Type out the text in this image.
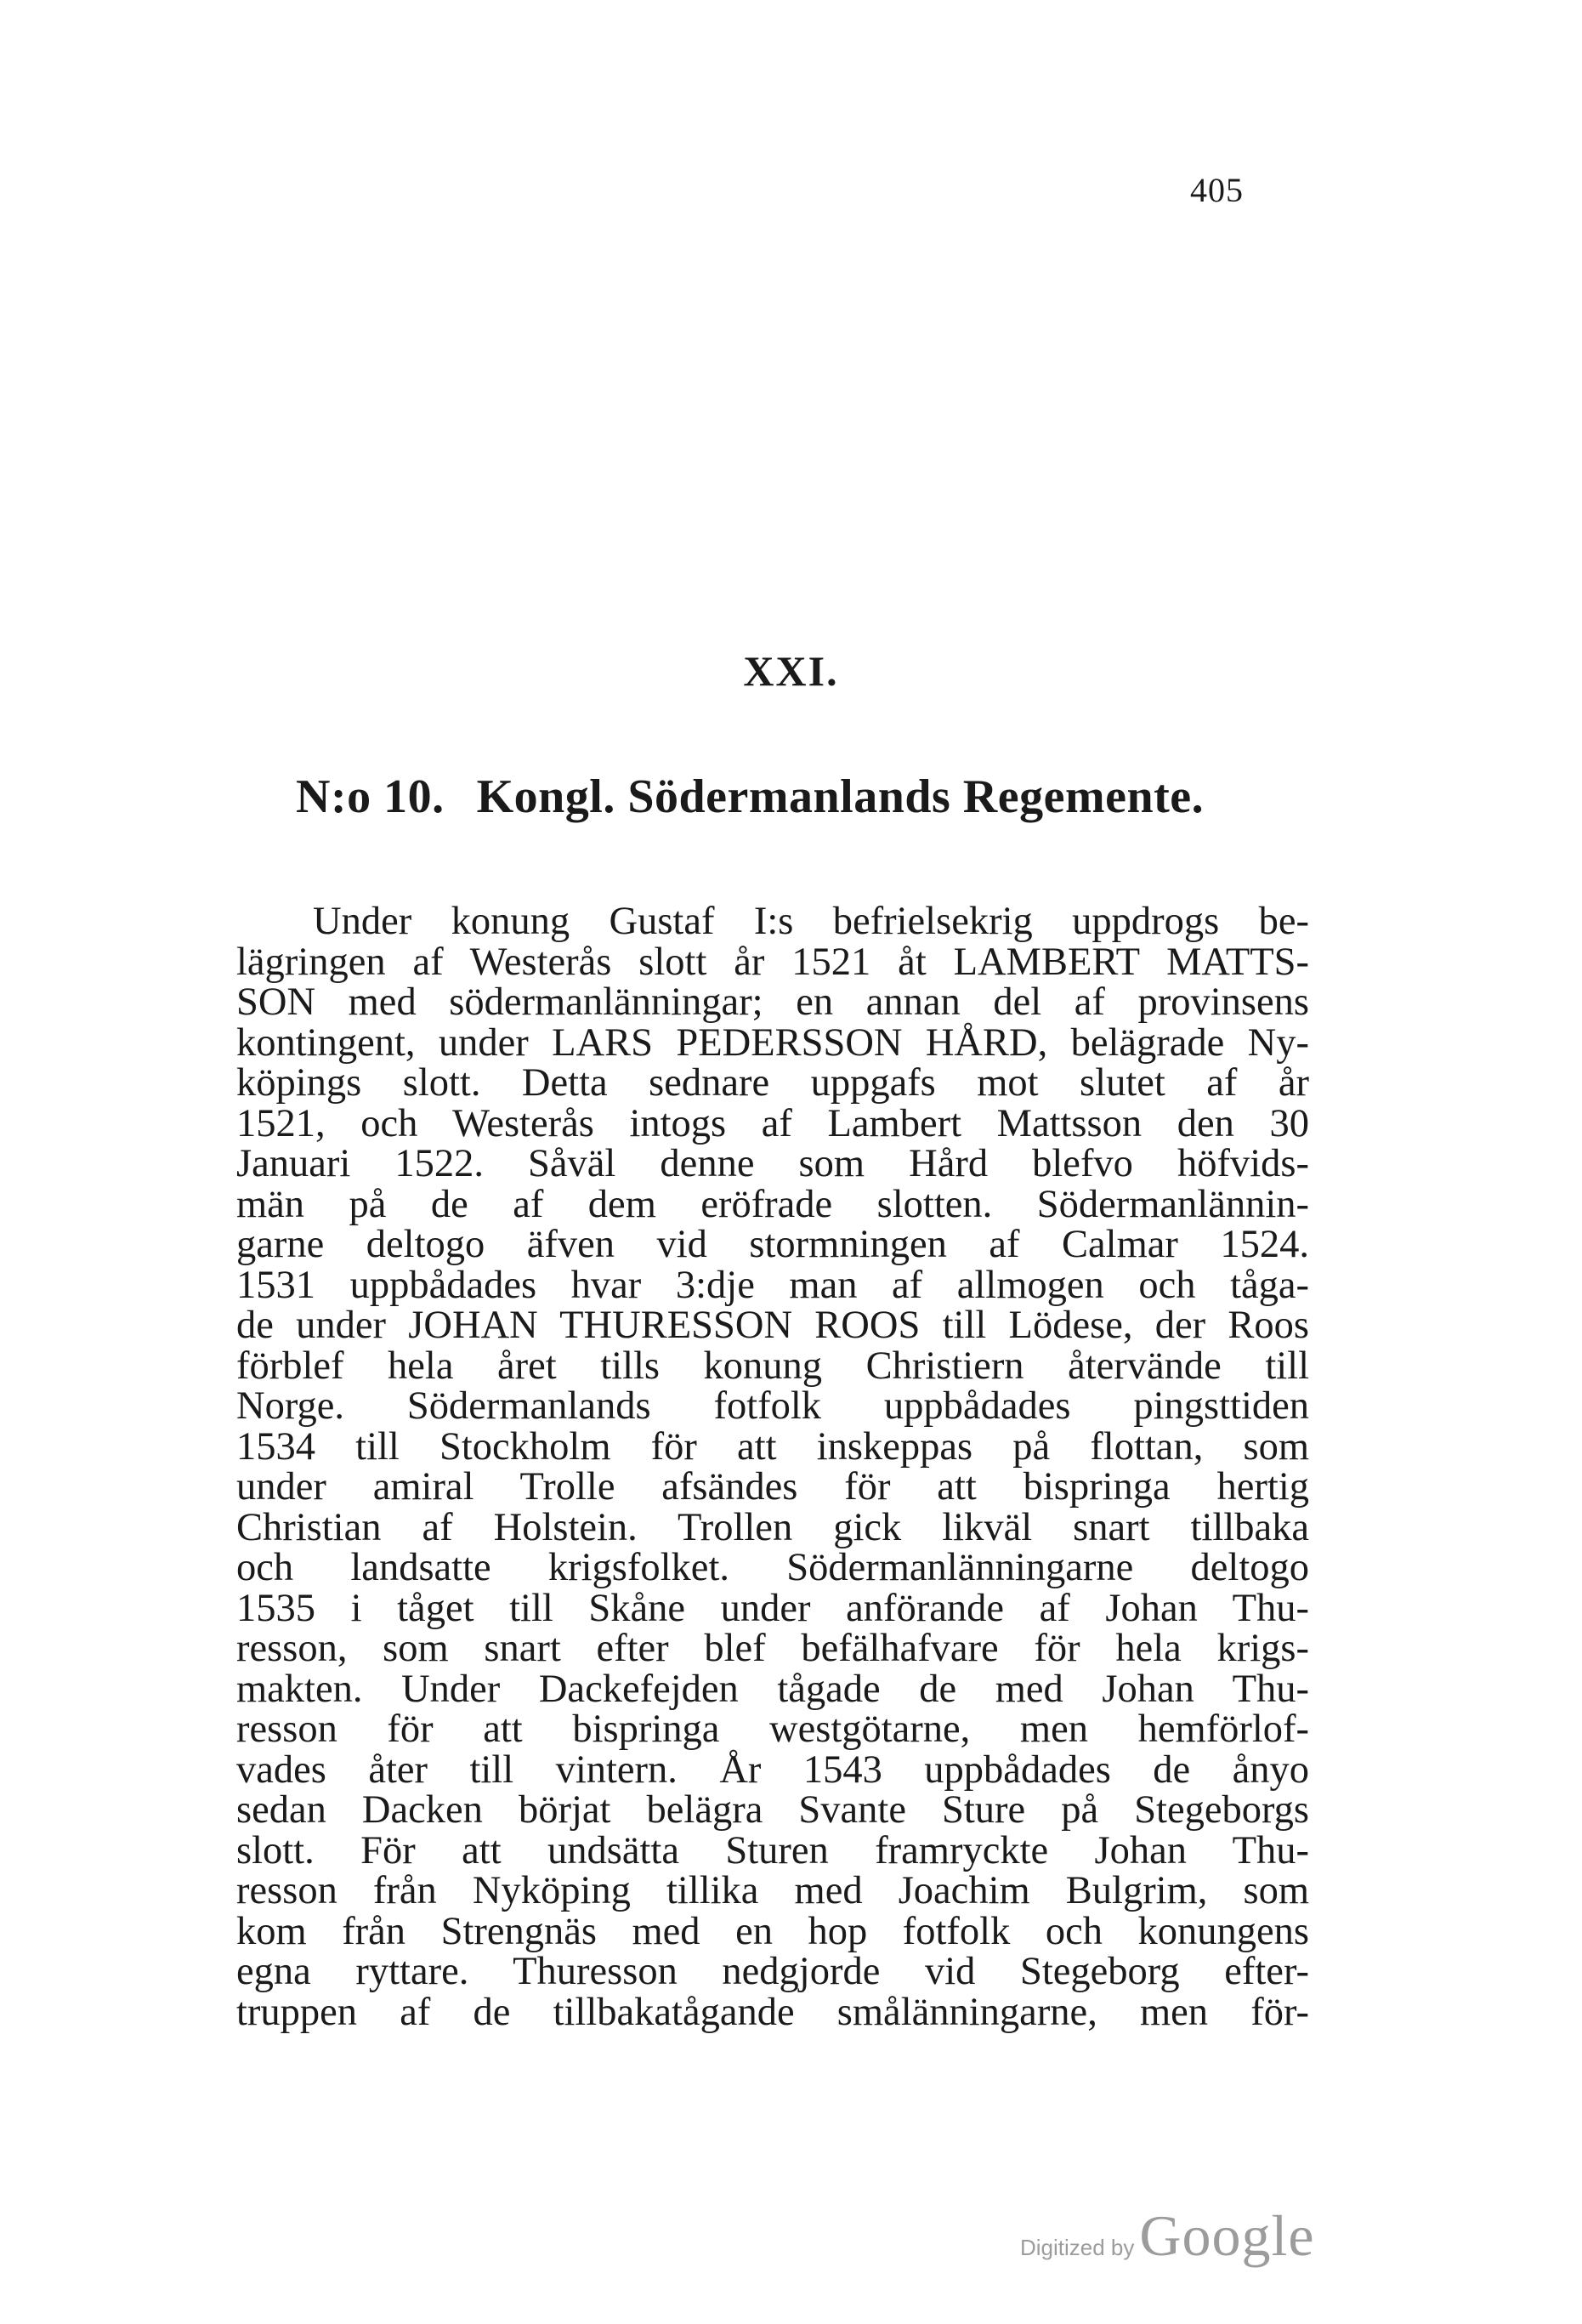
405
XXI.
N:o 10. Kongl. Södermanlands Regemente.
Under konung Gustaf I:s befrielsekrig uppdrogs be-
lägringen af Westerås slott år 1521 åt LAMBERT MATTS-
SON med södermanlänningar; en annan del af provinsens
kontingent, under LARS PEDERSSON HÅRD, belägrade Ny-
köpings slott. Detta sednare uppgafs mot slutet af år
1521, och Westerås intogs af Lambert Mattsson den 30
Januari 1522. Såväl denne som Hård blefvo höfvids-
män på de af dem eröfrade slotten. Södermanlännin-
garne deltogo äfven vid stormningen af Calmar 1524.
1531 uppbådades hvar 3:dje man af allmogen och tåga-
de under JOHAN THURESSON ROOS till Lödese, der Roos
förblef hela året tills konung Christiern återvände till
Norge. Södermanlands fotfolk uppbådades pingsttiden
1534 till Stockholm för att inskeppas på flottan, som
under amiral Trolle afsändes för att bispringa hertig
Christian af Holstein. Trollen gick likväl snart tillbaka
och landsatte krigsfolket. Södermanlänningarne deltogo
1535 i tåget till Skåne under anförande af Johan Thu-
resson, som snart efter blef befälhafvare för hela krigs-
makten. Under Dackefejden tågade de med Johan Thu-
resson för att bispringa westgötarne, men hemförlof-
vades åter till vintern. År 1543 uppbådades de ånyo
sedan Dacken börjat belägra Svante Sture på Stegeborgs
slott. För att undsätta Sturen framryckte Johan Thu-
resson från Nyköping tillika med Joachim Bulgrim, som
kom från Strengnäs med en hop fotfolk och konungens
egna ryttare. Thuresson nedgjorde vid Stegeborg efter-
truppen af de tillbakatågande smålänningarne, men för-
Digitized by Google
